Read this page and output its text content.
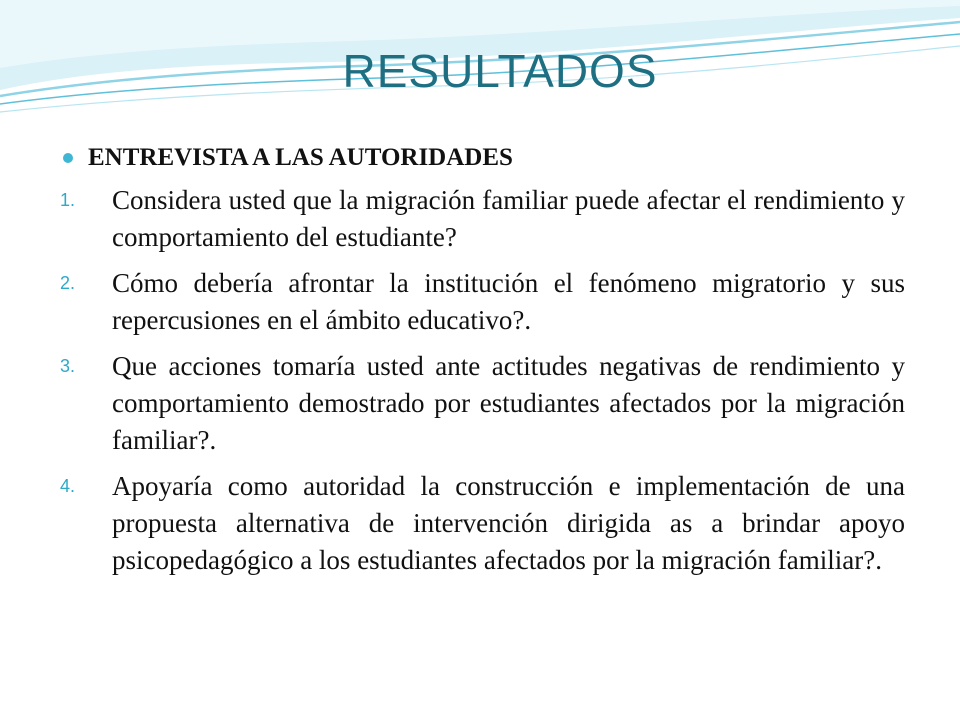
RESULTADOS
ENTREVISTA A LAS AUTORIDADES
1. Considera usted que la migración familiar puede afectar el rendimiento y comportamiento del estudiante?
2. Cómo debería afrontar la institución el fenómeno migratorio y sus repercusiones en el ámbito educativo?.
3. Que acciones tomaría usted ante actitudes negativas de rendimiento y comportamiento demostrado por estudiantes afectados por la migración familiar?.
4. Apoyaría como autoridad la construcción e implementación de una propuesta alternativa de intervención dirigida as a brindar apoyo psicopedagógico a los estudiantes afectados por la migración familiar?.
